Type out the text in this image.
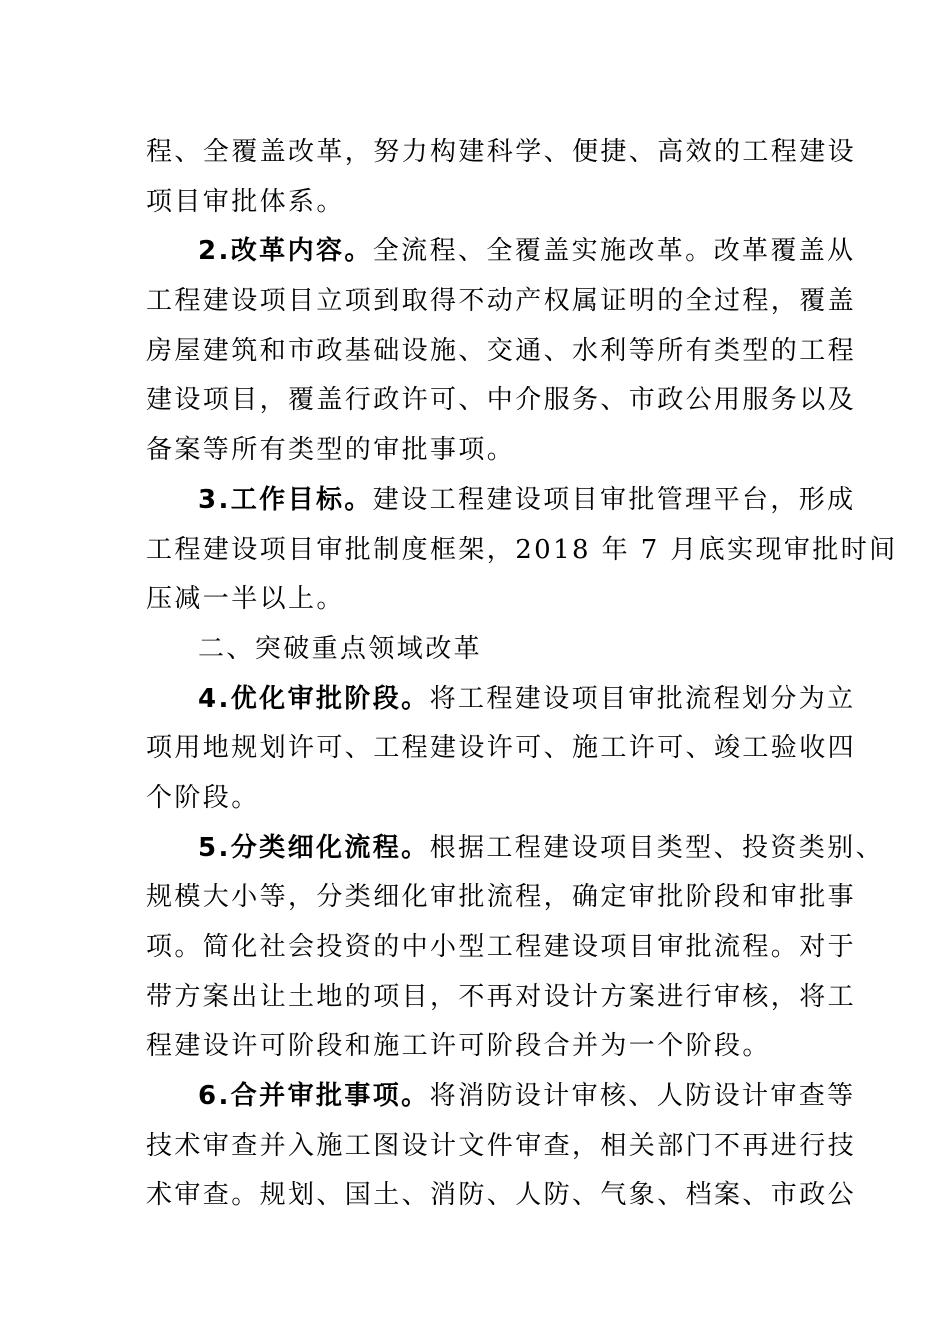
程、全覆盖改革，努力构建科学、便捷、高效的工程建设
项目审批体系。
2.改革内容。全流程、全覆盖实施改革。改革覆盖从
工程建设项目立项到取得不动产权属证明的全过程，覆盖
房屋建筑和市政基础设施、交通、水利等所有类型的工程
建设项目，覆盖行政许可、中介服务、市政公用服务以及
备案等所有类型的审批事项。
3.工作目标。建设工程建设项目审批管理平台，形成
工程建设项目审批制度框架，2018 年 7 月底实现审批时间
压减一半以上。
二、突破重点领域改革
4.优化审批阶段。将工程建设项目审批流程划分为立
项用地规划许可、工程建设许可、施工许可、竣工验收四
个阶段。
5.分类细化流程。根据工程建设项目类型、投资类别、
规模大小等，分类细化审批流程，确定审批阶段和审批事
项。简化社会投资的中小型工程建设项目审批流程。对于
带方案出让土地的项目，不再对设计方案进行审核，将工
程建设许可阶段和施工许可阶段合并为一个阶段。
6.合并审批事项。将消防设计审核、人防设计审查等
技术审查并入施工图设计文件审查，相关部门不再进行技
术审查。规划、国土、消防、人防、气象、档案、市政公
